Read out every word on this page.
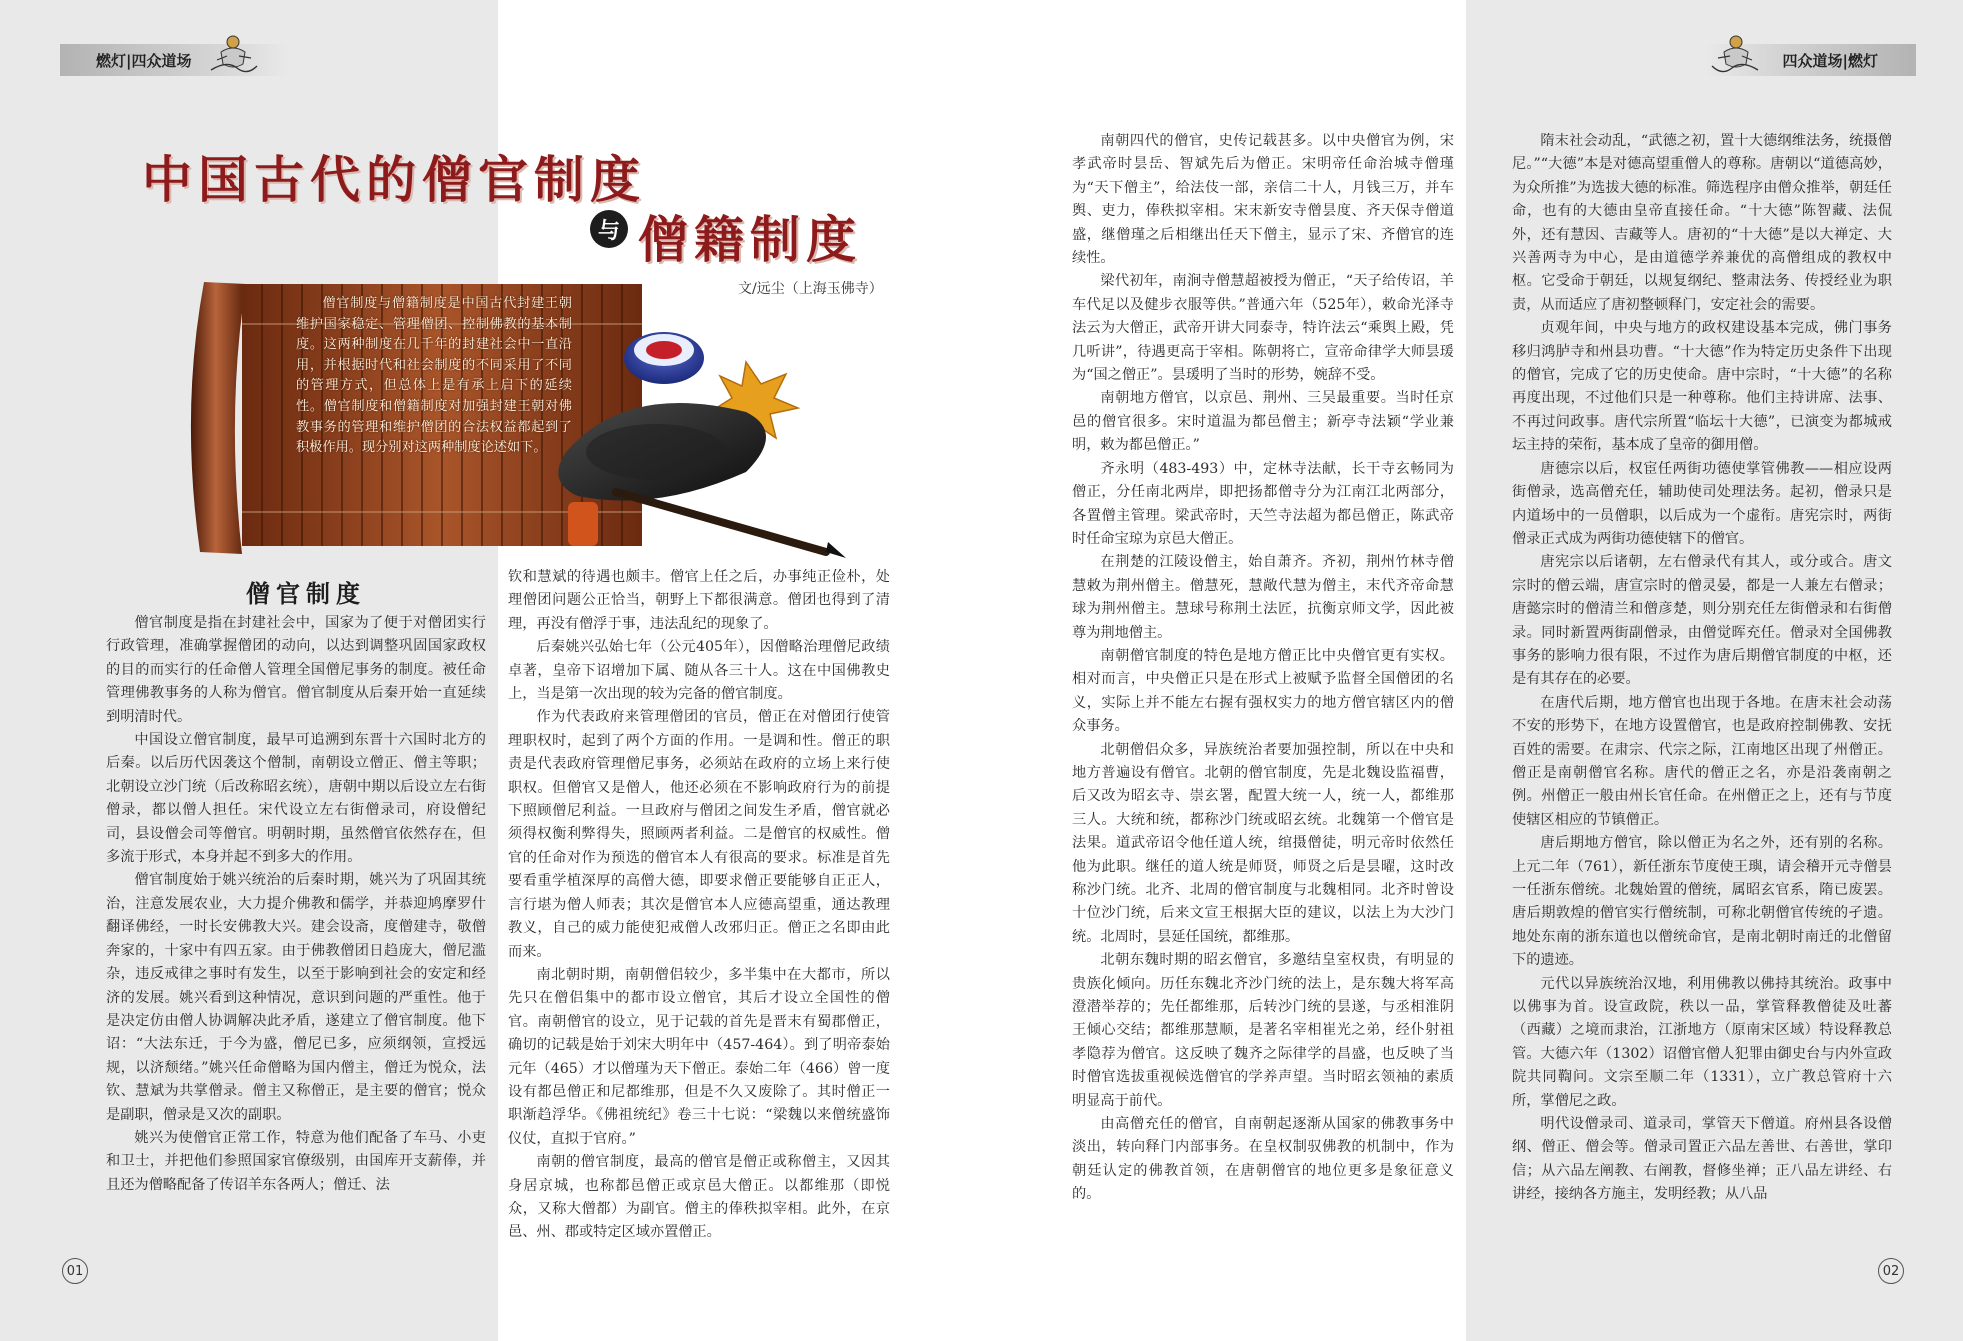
燃灯|四众道场	四众道场|燃灯
中国古代的僧官制度
与 僧籍制度
文/远尘（上海玉佛寺）

僧官制度与僧籍制度是中国古代封建王朝维护国家稳定、管理僧团、控制佛教的基本制度。这两种制度在几千年的封建社会中一直沿用，并根据时代和社会制度的不同采用了不同的管理方式，但总体上是有承上启下的延续性。僧官制度和僧籍制度对加强封建王朝对佛教事务的管理和维护僧团的合法权益都起到了积极作用。现分别对这两种制度论述如下。

僧官制度

僧官制度是指在封建社会中，国家为了便于对僧团实行行政管理，准确掌握僧团的动向，以达到调整巩固国家政权的目的而实行的任命僧人管理全国僧尼事务的制度。被任命管理佛教事务的人称为僧官。僧官制度从后秦开始一直延续到明清时代。

中国设立僧官制度，最早可追溯到东晋十六国时北方的后秦。以后历代因袭这个僧制，南朝设立僧正、僧主等职；北朝设立沙门统（后改称昭玄统），唐朝中期以后设立左右街僧录，都以僧人担任。宋代设立左右街僧录司，府设僧纪司，县设僧会司等僧官。明朝时期，虽然僧官依然存在，但多流于形式，本身并起不到多大的作用。

僧官制度始于姚兴统治的后秦时期，姚兴为了巩固其统治，注意发展农业，大力提介佛教和儒学，并恭迎鸠摩罗什翻译佛经，一时长安佛教大兴。建会设斋，度僧建寺，敬僧奔家的，十家中有四五家。由于佛教僧团日趋庞大，僧尼滥杂，违反戒律之事时有发生，以至于影响到社会的安定和经济的发展。姚兴看到这种情况，意识到问题的严重性。他于是决定仿由僧人协调解决此矛盾，遂建立了僧官制度。他下诏：“大法东迁，于今为盛，僧尼已多，应须纲领，宣授远规，以济颓绪。”姚兴任命僧略为国内僧主，僧迁为悦众，法钦、慧斌为共掌僧录。僧主又称僧正，是主要的僧官；悦众是副职，僧录是又次的副职。

姚兴为使僧官正常工作，特意为他们配备了车马、小吏和卫士，并把他们参照国家官僚级别，由国库开支薪俸，并且还为僧略配备了传诏羊东各两人；僧迁、法

钦和慧斌的待遇也颇丰。僧官上任之后，办事纯正俭朴，处理僧团问题公正恰当，朝野上下都很满意。僧团也得到了清理，再没有僧浮于事，违法乱纪的现象了。

后秦姚兴弘始七年（公元405年），因僧略治理僧尼政绩卓著，皇帝下诏增加下属、随从各三十人。这在中国佛教史上，当是第一次出现的较为完备的僧官制度。

作为代表政府来管理僧团的官员，僧正在对僧团行使管理职权时，起到了两个方面的作用。一是调和性。僧正的职责是代表政府管理僧尼事务，必须站在政府的立场上来行使职权。但僧官又是僧人，他还必须在不影响政府行为的前提下照顾僧尼利益。一旦政府与僧团之间发生矛盾，僧官就必须得权衡利弊得失，照顾两者利益。二是僧官的权威性。僧官的任命对作为预选的僧官本人有很高的要求。标准是首先要看重学植深厚的高僧大德，即要求僧正要能够自正正人，言行堪为僧人师表；其次是僧官本人应德高望重，通达教理教义，自己的威力能使犯戒僧人改邪归正。僧正之名即由此而来。

南北朝时期，南朝僧侣较少，多半集中在大都市，所以先只在僧侣集中的都市设立僧官，其后才设立全国性的僧官。南朝僧官的设立，见于记载的首先是晋末有蜀郡僧正，确切的记载是始于刘宋大明年中（457-464）。到了明帝泰始元年（465）才以僧瑾为天下僧正。泰始二年（466）曾一度设有都邑僧正和尼都维那，但是不久又废除了。其时僧正一职渐趋浮华。《佛祖统纪》卷三十七说：“梁魏以来僧统盛饰仪仗，直拟于官府。”

南朝的僧官制度，最高的僧官是僧正或称僧主，又因其身居京城，也称都邑僧正或京邑大僧正。以都维那（即悦众，又称大僧都）为副官。僧主的俸秩拟宰相。此外，在京邑、州、郡或特定区域亦置僧正。

南朝四代的僧官，史传记载甚多。以中央僧官为例，宋孝武帝时昙岳、智斌先后为僧正。宋明帝任命治城寺僧瑾为“天下僧主”，给法伎一部，亲信二十人，月钱三万，并车舆、吏力，俸秩拟宰相。宋末新安寺僧昙度、齐天保寺僧道盛，继僧瑾之后相继出任天下僧主，显示了宋、齐僧官的连续性。

梁代初年，南涧寺僧慧超被授为僧正，“天子给传诏，羊车代足以及健步衣服等供。”普通六年（525年），敕命光泽寺法云为大僧正，武帝开讲大同泰寺，特许法云“乘舆上殿，凭几听讲”，待遇更高于宰相。陈朝将亡，宣帝命律学大师昙瑗为“国之僧正”。昙瑗明了当时的形势，婉辞不受。

南朝地方僧官，以京邑、荆州、三吴最重要。当时任京邑的僧官很多。宋时道温为都邑僧主；新亭寺法颖“学业兼明，敕为都邑僧正。”

齐永明（483-493）中，定林寺法献，长干寺玄畅同为僧正，分任南北两岸，即把扬都僧寺分为江南江北两部分，各置僧主管理。梁武帝时，天竺寺法超为都邑僧正，陈武帝时任命宝琼为京邑大僧正。

在荆楚的江陵设僧主，始自萧齐。齐初，荆州竹林寺僧慧敕为荆州僧主。僧慧死，慧敞代慧为僧主，末代齐帝命慧球为荆州僧主。慧球号称荆土法匠，抗衡京师文学，因此被尊为荆地僧主。

南朝僧官制度的特色是地方僧正比中央僧官更有实权。相对而言，中央僧正只是在形式上被赋予监督全国僧团的名义，实际上并不能左右握有强权实力的地方僧官辖区内的僧众事务。

北朝僧侣众多，异族统治者要加强控制，所以在中央和地方普遍设有僧官。北朝的僧官制度，先是北魏设监福曹，后又改为昭玄寺、崇玄署，配置大统一人，统一人，都维那三人。大统和统，都称沙门统或昭玄统。北魏第一个僧官是法果。道武帝诏令他任道人统，绾摄僧徒，明元帝时依然任他为此职。继任的道人统是师贤，师贤之后是昙曜，这时改称沙门统。北齐、北周的僧官制度与北魏相同。北齐时曾设十位沙门统，后来文宣王根据大臣的建议，以法上为大沙门统。北周时，昙延任国统，都维那。

北朝东魏时期的昭玄僧官，多邀结皇室权贵，有明显的贵族化倾向。历任东魏北齐沙门统的法上，是东魏大将军高澄潜举荐的；先任都维那，后转沙门统的昙遂，与丞相淮阴王倾心交结；都维那慧顺，是著名宰相崔光之弟，经仆射祖孝隐荐为僧官。这反映了魏齐之际律学的昌盛，也反映了当时僧官选拔重视候选僧官的学养声望。当时昭玄领袖的素质明显高于前代。

由高僧充任的僧官，自南朝起逐渐从国家的佛教事务中淡出，转向释门内部事务。在皇权制驭佛教的机制中，作为朝廷认定的佛教首领，在唐朝僧官的地位更多是象征意义的。

隋末社会动乱，“武德之初，置十大德纲维法务，统摄僧尼。”“大德”本是对德高望重僧人的尊称。唐朝以“道德高妙，为众所推”为选拔大德的标准。筛选程序由僧众推举，朝廷任命，也有的大德由皇帝直接任命。“十大德”陈智藏、法侃外，还有慧因、吉藏等人。唐初的“十大德”是以大禅定、大兴善两寺为中心，是由道德学养兼优的高僧组成的教权中枢。它受命于朝廷，以规复纲纪、整肃法务、传授经业为职责，从而适应了唐初整顿释门，安定社会的需要。

贞观年间，中央与地方的政权建设基本完成，佛门事务移归鸿胪寺和州县功曹。“十大德”作为特定历史条件下出现的僧官，完成了它的历史使命。唐中宗时，“十大德”的名称再度出现，不过他们只是一种尊称。他们主持讲席、法事、不再过问政事。唐代宗所置“临坛十大德”，已演变为都城戒坛主持的荣衔，基本成了皇帝的御用僧。

唐德宗以后，权宦任两街功德使掌管佛教——相应设两街僧录，选高僧充任，辅助使司处理法务。起初，僧录只是内道场中的一员僧职，以后成为一个虚衔。唐宪宗时，两街僧录正式成为两街功德使辖下的僧官。

唐宪宗以后诸朝，左右僧录代有其人，或分或合。唐文宗时的僧云端，唐宣宗时的僧灵晏，都是一人兼左右僧录；唐懿宗时的僧清兰和僧彦楚，则分别充任左街僧录和右街僧录。同时新置两街副僧录，由僧觉晖充任。僧录对全国佛教事务的影响力很有限，不过作为唐后期僧官制度的中枢，还是有其存在的必要。

在唐代后期，地方僧官也出现于各地。在唐末社会动荡不安的形势下，在地方设置僧官，也是政府控制佛教、安抚百姓的需要。在肃宗、代宗之际，江南地区出现了州僧正。僧正是南朝僧官名称。唐代的僧正之名，亦是沿袭南朝之例。州僧正一般由州长官任命。在州僧正之上，还有与节度使辖区相应的节镇僧正。

唐后期地方僧官，除以僧正为名之外，还有别的名称。上元二年（761），新任浙东节度使王璵，请会稽开元寺僧昙一任浙东僧统。北魏始置的僧统，属昭玄官系，隋已废罢。唐后期敦煌的僧官实行僧统制，可称北朝僧官传统的孑遗。地处东南的浙东道也以僧统命官，是南北朝时南迁的北僧留下的遗迹。

元代以异族统治汉地，利用佛教以佛持其统治。政事中以佛事为首。设宣政院，秩以一品，掌管释教僧徒及吐蕃（西藏）之境而隶治，江浙地方（原南宋区域）特设释教总管。大德六年（1302）诏僧官僧人犯罪由御史台与内外宣政院共同鞫问。文宗至顺二年（1331），立广教总管府十六所，掌僧尼之政。

明代设僧录司、道录司，掌管天下僧道。府州县各设僧纲、僧正、僧会等。僧录司置正六品左善世、右善世，掌印信；从六品左阐教、右阐教，督修坐禅；正八品左讲经、右讲经，接纳各方施主，发明经教；从八品

01	02
